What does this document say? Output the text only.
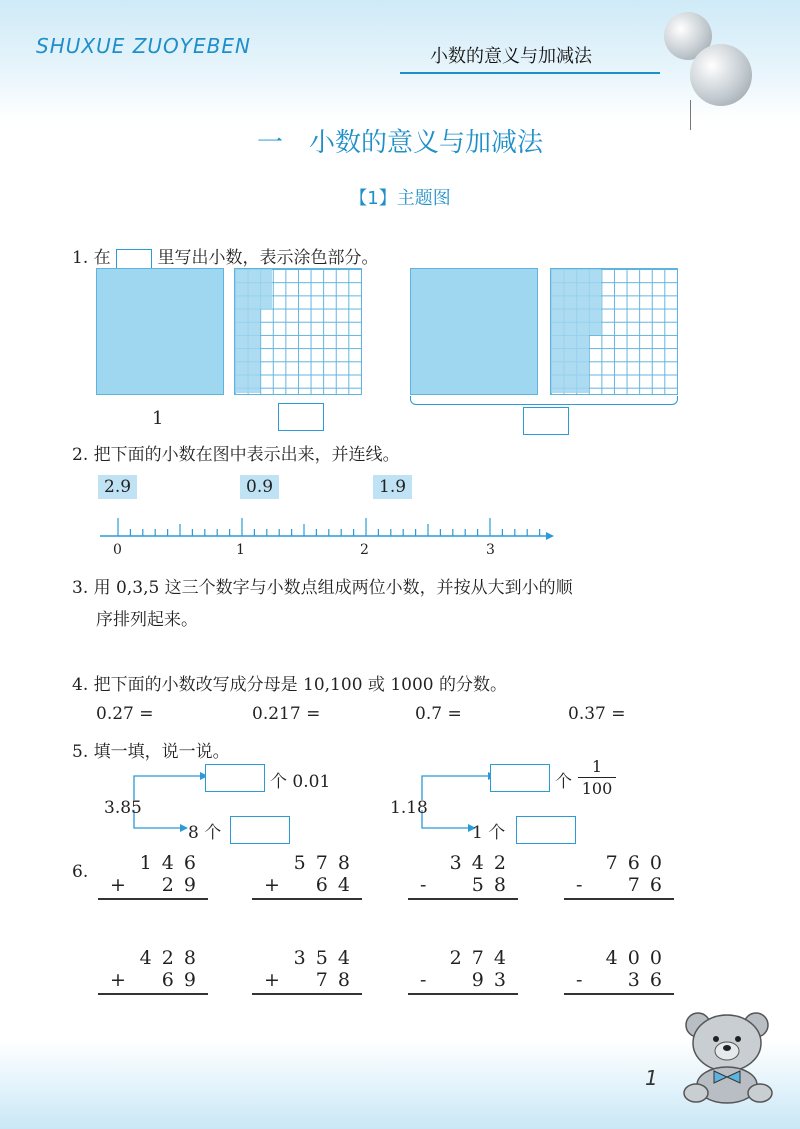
SHUXUE ZUOYEBEN	小数的意义与加减法
一　小数的意义与加减法
【1】主题图
1. 在	里写出小数，表示涂色部分。
1
2. 把下面的小数在图中表示出来，并连线。
2.9	0.9	1.9
0	1	2	3
3. 用 0,3,5 这三个数字与小数点组成两位小数，并按从大到小的顺
序排列起来。
4. 把下面的小数改写成分母是 10,100 或 1000 的分数。
0.27 =	0.217 =	0.7 =	0.37 =
5. 填一填，说一说。
个 0.01
3.85
8 个
个
1
100
1.18
1 个
6.	1 4 6
+ 2 9
5 7 8
+ 6 4
3 4 2
- 5 8
7 6 0
- 7 6
4 2 8
+ 6 9
3 5 4
+ 7 8
2 7 4
- 9 3
4 0 0
- 3 6
1
